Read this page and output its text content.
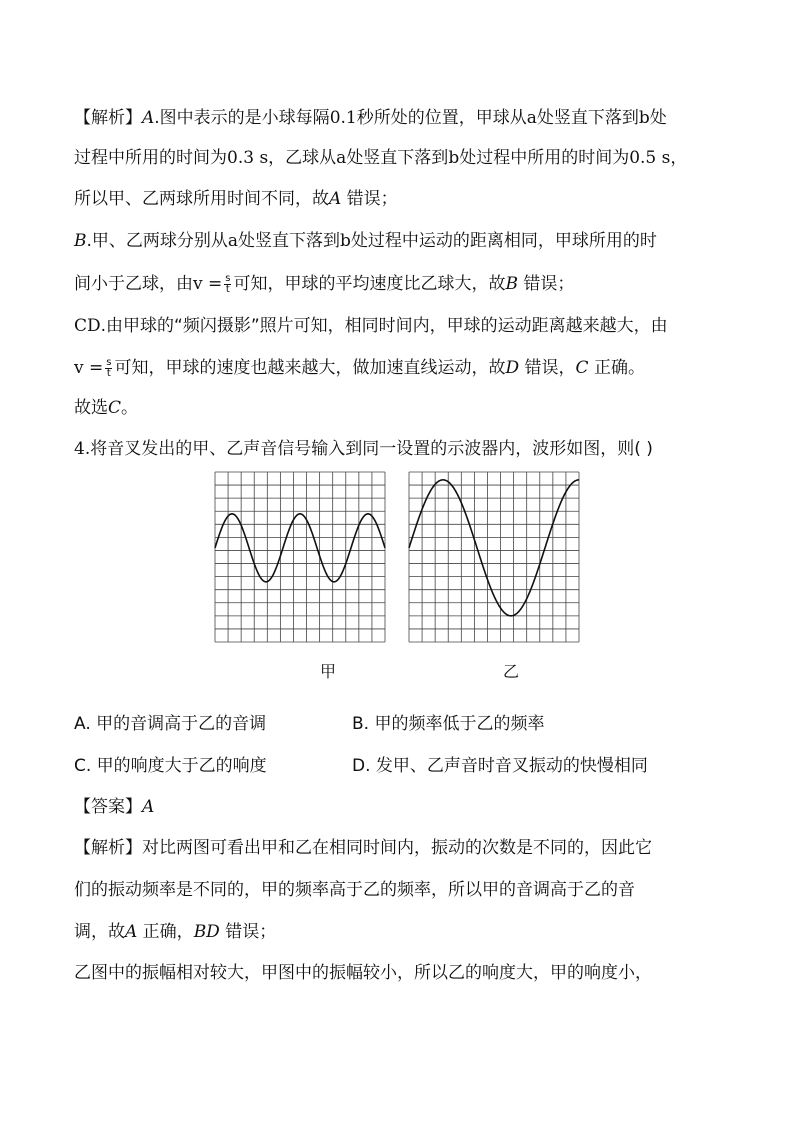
【解析】A.图中表示的是小球每隔0.1秒所处的位置，甲球从a处竖直下落到b处
过程中所用的时间为0.3 s，乙球从a处竖直下落到b处过程中所用的时间为0.5 s，
所以甲、乙两球所用时间不同，故A 错误；
B.甲、乙两球分别从a处竖直下落到b处过程中运动的距离相同，甲球所用的时
间小于乙球，由$v = \frac{s}{t}$ 可知，甲球的平均速度比乙球大，故B 错误；
CD.由甲球的“频闪摄影”照片可知，相同时间内，甲球的运动距离越来越大，由
$v = \frac{s}{t}$ 可知，甲球的速度也越来越大，做加速直线运动，故D 错误，C 正确。
故选C。
4.将音叉发出的甲、乙声音信号输入到同一设置的示波器内，波形如图，则( )
甲	乙
A. 甲的音调高于乙的音调	B. 甲的频率低于乙的频率
C. 甲的响度大于乙的响度	D. 发甲、乙声音时音叉振动的快慢相同
【答案】A
【解析】对比两图可看出甲和乙在相同时间内，振动的次数是不同的，因此它
们的振动频率是不同的，甲的频率高于乙的频率，所以甲的音调高于乙的音
调，故A 正确，BD 错误；
乙图中的振幅相对较大，甲图中的振幅较小，所以乙的响度大，甲的响度小，
